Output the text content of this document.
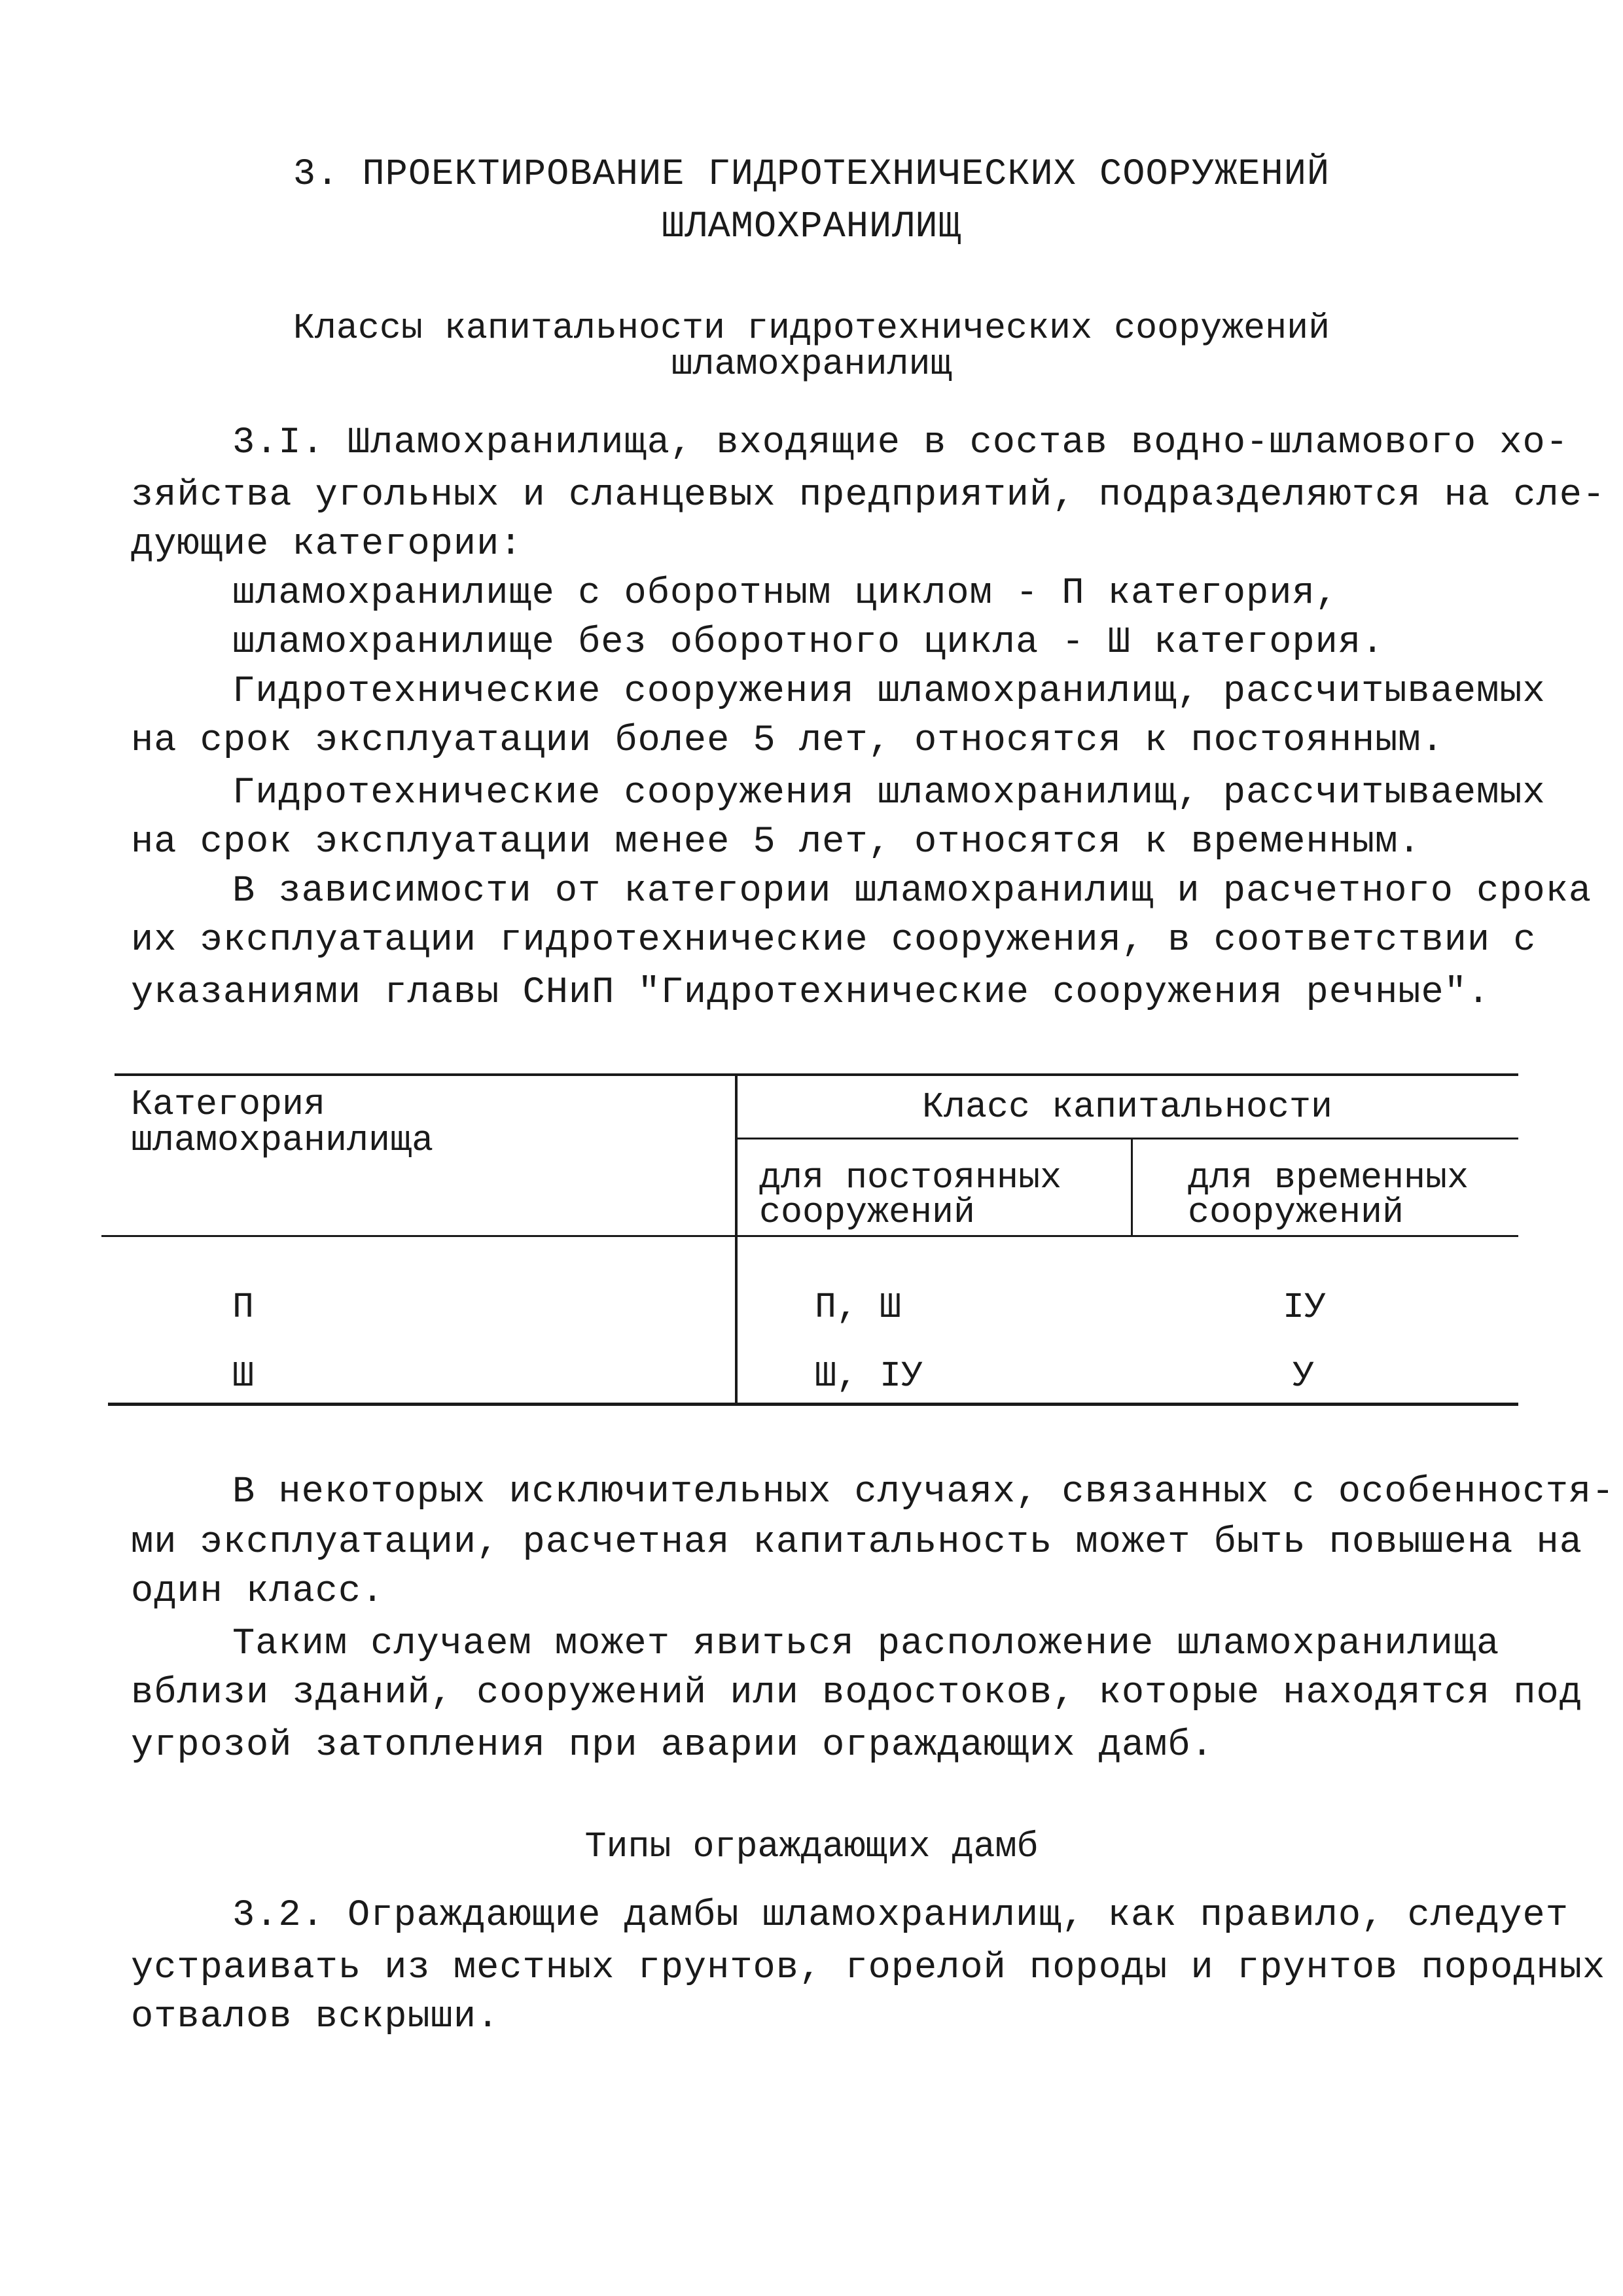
3. ПРОЕКТИРОВАНИЕ ГИДРОТЕХНИЧЕСКИХ СООРУЖЕНИЙ
ШЛАМОХРАНИЛИЩ
Классы капитальности гидротехнических сооружений
шламохранилищ
3.I. Шламохранилища, входящие в состав водно-шламового хо-
зяйства угольных и сланцевых предприятий, подразделяются на сле-
дующие категории:
шламохранилище с оборотным циклом - П категория,
шламохранилище без оборотного цикла - Ш категория.
Гидротехнические сооружения шламохранилищ, рассчитываемых
на срок эксплуатации более 5 лет, относятся к постоянным.
Гидротехнические сооружения шламохранилищ, рассчитываемых
на срок эксплуатации менее 5 лет, относятся к временным.
В зависимости от категории шламохранилищ и расчетного срока
их эксплуатации гидротехнические сооружения, в соответствии с
указаниями главы СНиП "Гидротехнические сооружения речные".
Категория
шламохранилища
Класс капитальности
для постоянных
сооружений
для временных
сооружений
П	П, Ш	IУ
Ш	Ш, IУ	У
В некоторых исключительных случаях, связанных с особенностя-
ми эксплуатации, расчетная капитальность может быть повышена на
один класс.
Таким случаем может явиться расположение шламохранилища
вблизи зданий, сооружений или водостоков, которые находятся под
угрозой затопления при аварии ограждающих дамб.
Типы ограждающих дамб
3.2. Ограждающие дамбы шламохранилищ, как правило, следует
устраивать из местных грунтов, горелой породы и грунтов породных
отвалов вскрыши.
